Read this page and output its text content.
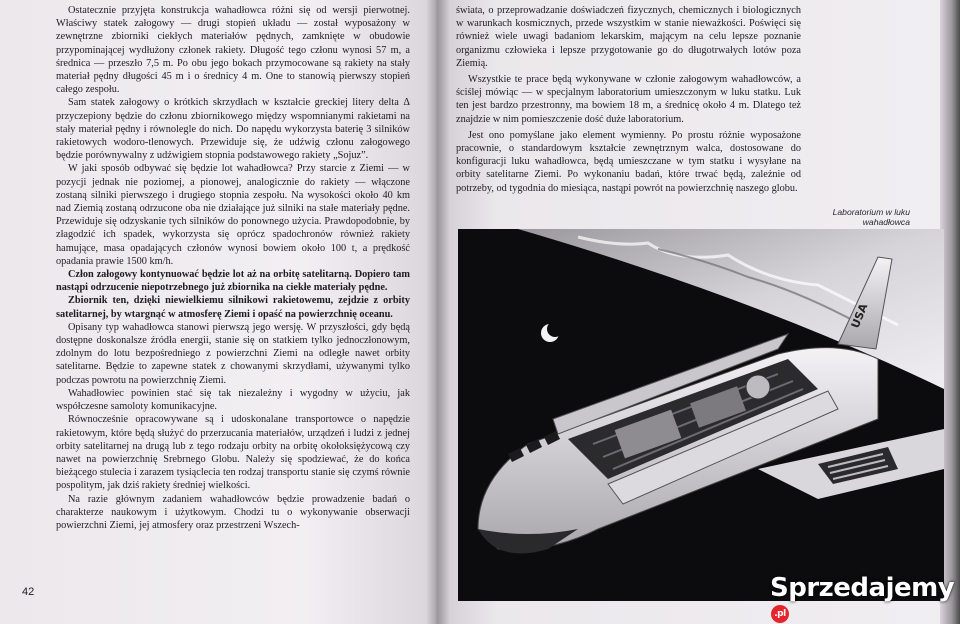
Ostatecznie przyjęta konstrukcja wahadłowca różni się od wersji pierwotnej. Właściwy statek załogowy — drugi stopień układu — został wyposażony w zewnętrzne zbiorniki ciekłych materiałów pędnych, zamknięte w obudowie przypominającej wydłużony członek rakiety. Długość tego członu wynosi 57 m, a średnica — przeszło 7,5 m. Po obu jego bokach przymocowane są rakiety na stały materiał pędny długości 45 m i o średnicy 4 m. One to stanowią pierwszy stopień całego zespołu.

Sam statek załogowy o krótkich skrzydłach w kształcie greckiej litery delta Δ przyczepiony będzie do członu zbiornikowego między wspomnianymi rakietami na stały materiał pędny i równolegle do nich. Do napędu wykorzysta baterię 3 silników rakietowych wodoro-tlenowych. Przewiduje się, że udźwig członu załogowego będzie porównywalny z udźwigiem stopnia podstawowego rakiety „Sojuz”.

W jaki sposób odbywać się będzie lot wahadłowca? Przy starcie z Ziemi — w pozycji jednak nie poziomej, a pionowej, analogicznie do rakiety — włączone zostaną silniki pierwszego i drugiego stopnia zespołu. Na wysokości około 40 km nad Ziemią zostaną odrzucone oba nie działające już silniki na stałe materiały pędne. Przewiduje się odzyskanie tych silników do ponownego użycia. Prawdopodobnie, by złagodzić ich spadek, wykorzysta się oprócz spadochronów również rakiety hamujące, masa opadających członów wynosi bowiem około 100 t, a prędkość opadania prawie 1500 km/h.

Człon załogowy kontynuować będzie lot aż na orbitę satelitarną. Dopiero tam nastąpi odrzucenie niepotrzebnego już zbiornika na ciekłe materiały pędne.

Zbiornik ten, dzięki niewielkiemu silnikowi rakietowemu, zejdzie z orbity satelitarnej, by wtargnąć w atmosferę Ziemi i opaść na powierzchnię oceanu.

Opisany typ wahadłowca stanowi pierwszą jego wersję. W przyszłości, gdy będą dostępne doskonalsze źródła energii, stanie się on statkiem tylko jednoczłonowym, zdolnym do lotu bezpośredniego z powierzchni Ziemi na odległe nawet orbity satelitarne. Będzie to zapewne statek z chowanymi skrzydłami, używanymi tylko podczas powrotu na powierzchnię Ziemi.

Wahadłowiec powinien stać się tak niezależny i wygodny w użyciu, jak współczesne samoloty komunikacyjne.

Równocześnie opracowywane są i udoskonalane transportowce o napędzie rakietowym, które będą służyć do przerzucania materiałów, urządzeń i ludzi z jednej orbity satelitarnej na drugą lub z tego rodzaju orbity na orbitę okołoksiężycową czy nawet na powierzchnię Srebrnego Globu. Należy się spodziewać, że do końca bieżącego stulecia i zarazem tysiąclecia ten rodzaj transportu stanie się czymś równie pospolitym, jak dziś rakiety średniej wielkości.

Na razie głównym zadaniem wahadłowców będzie prowadzenie badań o charakterze naukowym i użytkowym. Chodzi tu o wykonywanie obserwacji powierzchni Ziemi, jej atmosfery oraz przestrzeni Wszech-

42

świata, o przeprowadzanie doświadczeń fizycznych, chemicznych i biologicznych w warunkach kosmicznych, przede wszystkim w stanie nieważkości. Poświęci się również wiele uwagi badaniom lekarskim, mającym na celu lepsze poznanie organizmu człowieka i lepsze przygotowanie go do długotrwałych lotów poza Ziemią.

Wszystkie te prace będą wykonywane w członie załogowym wahadłowców, a ściślej mówiąc — w specjalnym laboratorium umieszczonym w luku statku. Luk ten jest bardzo przestronny, ma bowiem 18 m, a średnicę około 4 m. Dlatego też znajdzie w nim pomieszczenie dość duże laboratorium.

Jest ono pomyślane jako element wymienny. Po prostu różnie wyposażone pracownie, o standardowym kształcie zewnętrznym walca, dostosowane do konfiguracji luku wahadłowca, będą umieszczane w tym statku i wysyłane na orbity satelitarne Ziemi. Po wykonaniu badań, które trwać będą, zależnie od potrzeby, od tygodnia do miesiąca, nastąpi powrót na powierzchnię naszego globu.

Laboratorium w luku wahadłowca
USA
Sprzedajemy.pl
